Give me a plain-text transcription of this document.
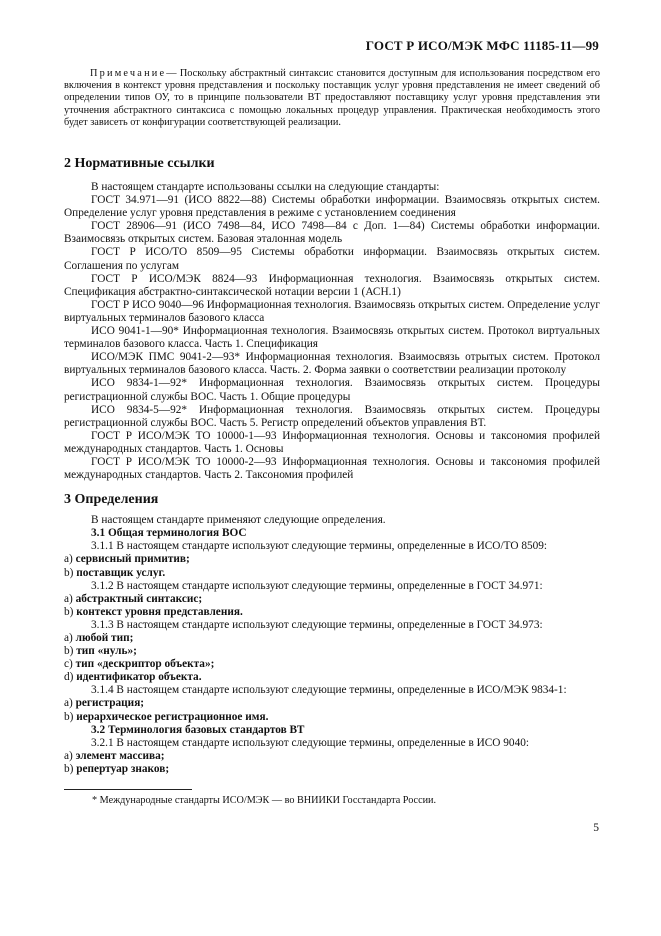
ГОСТ Р ИСО/МЭК МФС 11185-11—99

Примечание— Поскольку абстрактный синтаксис становится доступным для использования посредством его включения в контекст уровня представления и поскольку поставщик услуг уровня представления не имеет сведений об определении типов ОУ, то в принципе пользователи ВТ предоставляют поставщику услуг уровня представления эти уточнения абстрактного синтаксиса с помощью локальных процедур управления. Практическая необходимость этого будет зависеть от конфигурации соответствующей реализации.

2 Нормативные ссылки

В настоящем стандарте использованы ссылки на следующие стандарты:

ГОСТ 34.971—91 (ИСО 8822—88) Системы обработки информации. Взаимосвязь открытых систем. Определение услуг уровня представления в режиме с установлением соединения

ГОСТ 28906—91 (ИСО 7498—84, ИСО 7498—84 с Доп. 1—84) Системы обработки информации. Взаимосвязь открытых систем. Базовая эталонная модель

ГОСТ Р ИСО/ТО 8509—95 Системы обработки информации. Взаимосвязь открытых систем. Соглашения по услугам

ГОСТ Р ИСО/МЭК 8824—93 Информационная технология. Взаимосвязь открытых систем. Спецификация абстрактно-синтаксической нотации версии 1 (АСН.1)

ГОСТ Р ИСО 9040—96 Информационная технология. Взаимосвязь открытых систем. Определение услуг виртуальных терминалов базового класса

ИСО 9041-1—90* Информационная технология. Взаимосвязь открытых систем. Протокол виртуальных терминалов базового класса. Часть 1. Спецификация

ИСО/МЭК ПМС 9041-2—93* Информационная технология. Взаимосвязь отрытых систем. Протокол виртуальных терминалов базового класса. Часть. 2. Форма заявки о соответствии реализации протоколу

ИСО 9834-1—92* Информационная технология. Взаимосвязь открытых систем. Процедуры регистрационной службы ВОС. Часть 1. Общие процедуры

ИСО 9834-5—92* Информационная технология. Взаимосвязь открытых систем. Процедуры регистрационной службы ВОС. Часть 5. Регистр определений объектов управления ВТ.

ГОСТ Р ИСО/МЭК ТО 10000-1—93 Информационная технология. Основы и таксономия профилей международных стандартов. Часть 1. Основы

ГОСТ Р ИСО/МЭК ТО 10000-2—93 Информационная технология. Основы и таксономия профилей международных стандартов. Часть 2. Таксономия профилей

3 Определения

В настоящем стандарте применяют следующие определения.

3.1 Общая терминология ВОС

3.1.1 В настоящем стандарте используют следующие термины, определенные в ИСО/ТО 8509:

a) сервисный примитив;

b) поставщик услуг.

3.1.2 В настоящем стандарте используют следующие термины, определенные в ГОСТ 34.971:

a) абстрактный синтаксис;

b) контекст уровня представления.

3.1.3 В настоящем стандарте используют следующие термины, определенные в ГОСТ 34.973:

a) любой тип;

b) тип «нуль»;

c) тип «дескриптор объекта»;

d) идентификатор объекта.

3.1.4 В настоящем стандарте используют следующие термины, определенные в ИСО/МЭК 9834-1:

a) регистрация;

b) иерархическое регистрационное имя.

3.2 Терминология базовых стандартов ВТ

3.2.1 В настоящем стандарте используют следующие термины, определенные в ИСО 9040:

a) элемент массива;

b) репертуар знаков;

* Международные стандарты ИСО/МЭК — во ВНИИКИ Госстандарта России.
5
